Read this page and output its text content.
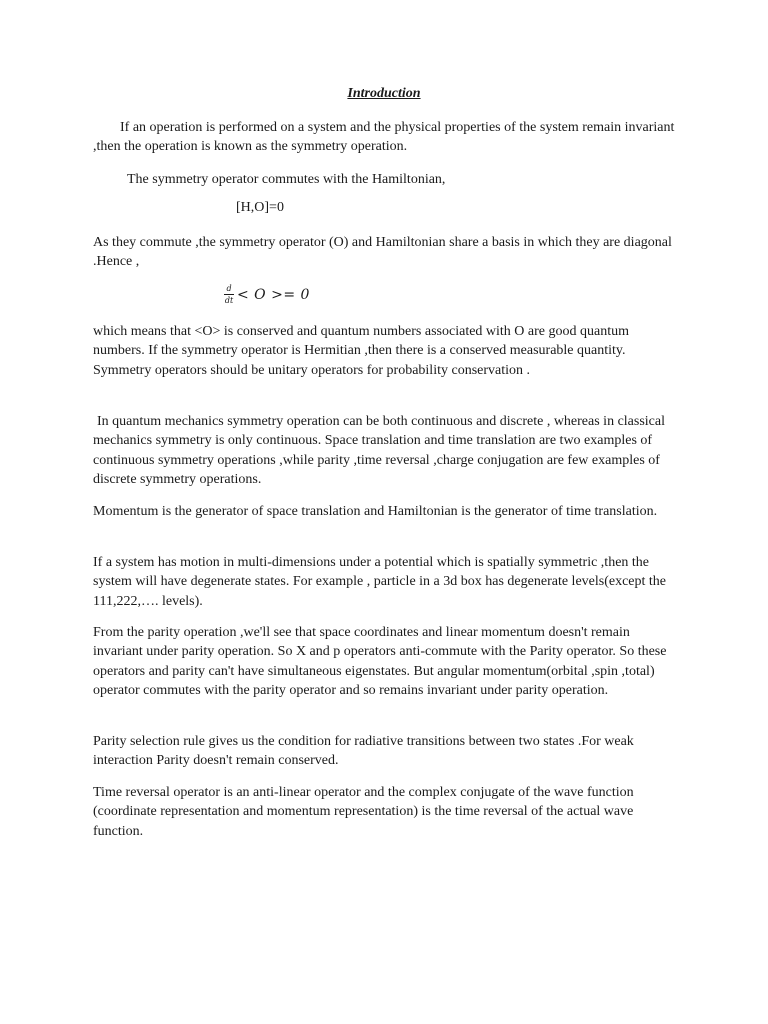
Introduction
If an operation is performed on a system and the physical properties of the system remain invariant ,then the operation is known as the symmetry operation.
The symmetry operator commutes with the Hamiltonian,
[H,O]=0
As they commute ,the symmetry operator (O) and Hamiltonian share a basis in which they are diagonal .Hence ,
$\frac{d}{dt} < O >= 0$
which means that <O> is conserved and quantum numbers associated with O are good quantum numbers. If the symmetry operator is Hermitian ,then there is a conserved measurable quantity. Symmetry operators should be unitary operators for probability conservation .
In quantum mechanics symmetry operation can be both continuous and discrete , whereas in classical mechanics symmetry is only continuous. Space translation and time translation are two examples of continuous symmetry operations ,while parity ,time reversal ,charge conjugation are few examples of discrete symmetry operations.
Momentum is the generator of space translation and Hamiltonian is the generator of time translation.
If a system has motion in multi-dimensions under a potential which is spatially symmetric ,then the system will have degenerate states. For example , particle in a 3d box has degenerate levels(except the 111,222,…. levels).
From the parity operation ,we'll see that space coordinates and linear momentum doesn't remain invariant under parity operation. So X and p operators anti-commute with the Parity operator. So these operators and parity can't have simultaneous eigenstates. But angular momentum(orbital ,spin ,total) operator commutes with the parity operator and so remains invariant under parity operation.
Parity selection rule gives us the condition for radiative transitions between two states .For weak interaction Parity doesn't remain conserved.
Time reversal operator is an anti-linear operator and the complex conjugate of the wave function (coordinate representation and momentum representation) is the time reversal of the actual wave function.
